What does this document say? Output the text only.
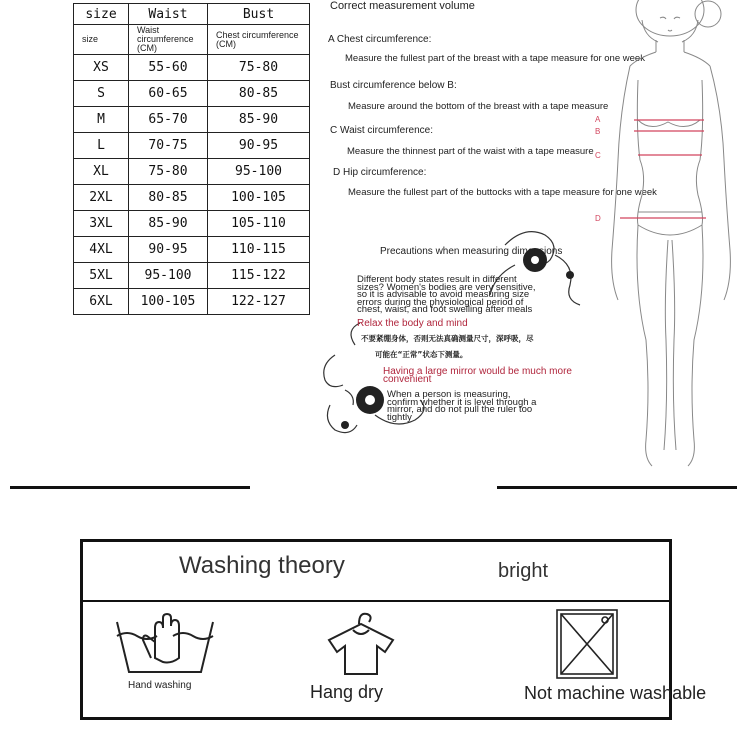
size	Waist	Bust
size	Waist circumference (CM)	Chest circumference (CM)
XS	55-60	75-80
S	60-65	80-85
M	65-70	85-90
L	70-75	90-95
XL	75-80	95-100
2XL	80-85	100-105
3XL	85-90	105-110
4XL	90-95	110-115
5XL	95-100	115-122
6XL	100-105	122-127
Correct measurement volume
A Chest circumference:
Measure the fullest part of the breast with a tape measure for one week
Bust circumference below B:
Measure around the bottom of the breast with a tape measure
C Waist circumference:
Measure the thinnest part of the waist with a tape measure
D Hip circumference:
Measure the fullest part of the buttocks with a tape measure for one week
A
B
C
D
Precautions when measuring dimensions
Different body states result in different sizes? Women's bodies are very sensitive, so it is advisable to avoid measuring size errors during the physiological period of chest, waist, and foot swelling after meals
Relax the body and mind
不要紧绷身体，否则无法真确测量尺寸，深呼吸，尽
可能在“正常”状态下测量。
Having a large mirror would be much more convenient
When a person is measuring, confirm whether it is level through a mirror, and do not pull the ruler too tightly
Washing theory	bright
Hand washing	Hang dry	Not machine washable
